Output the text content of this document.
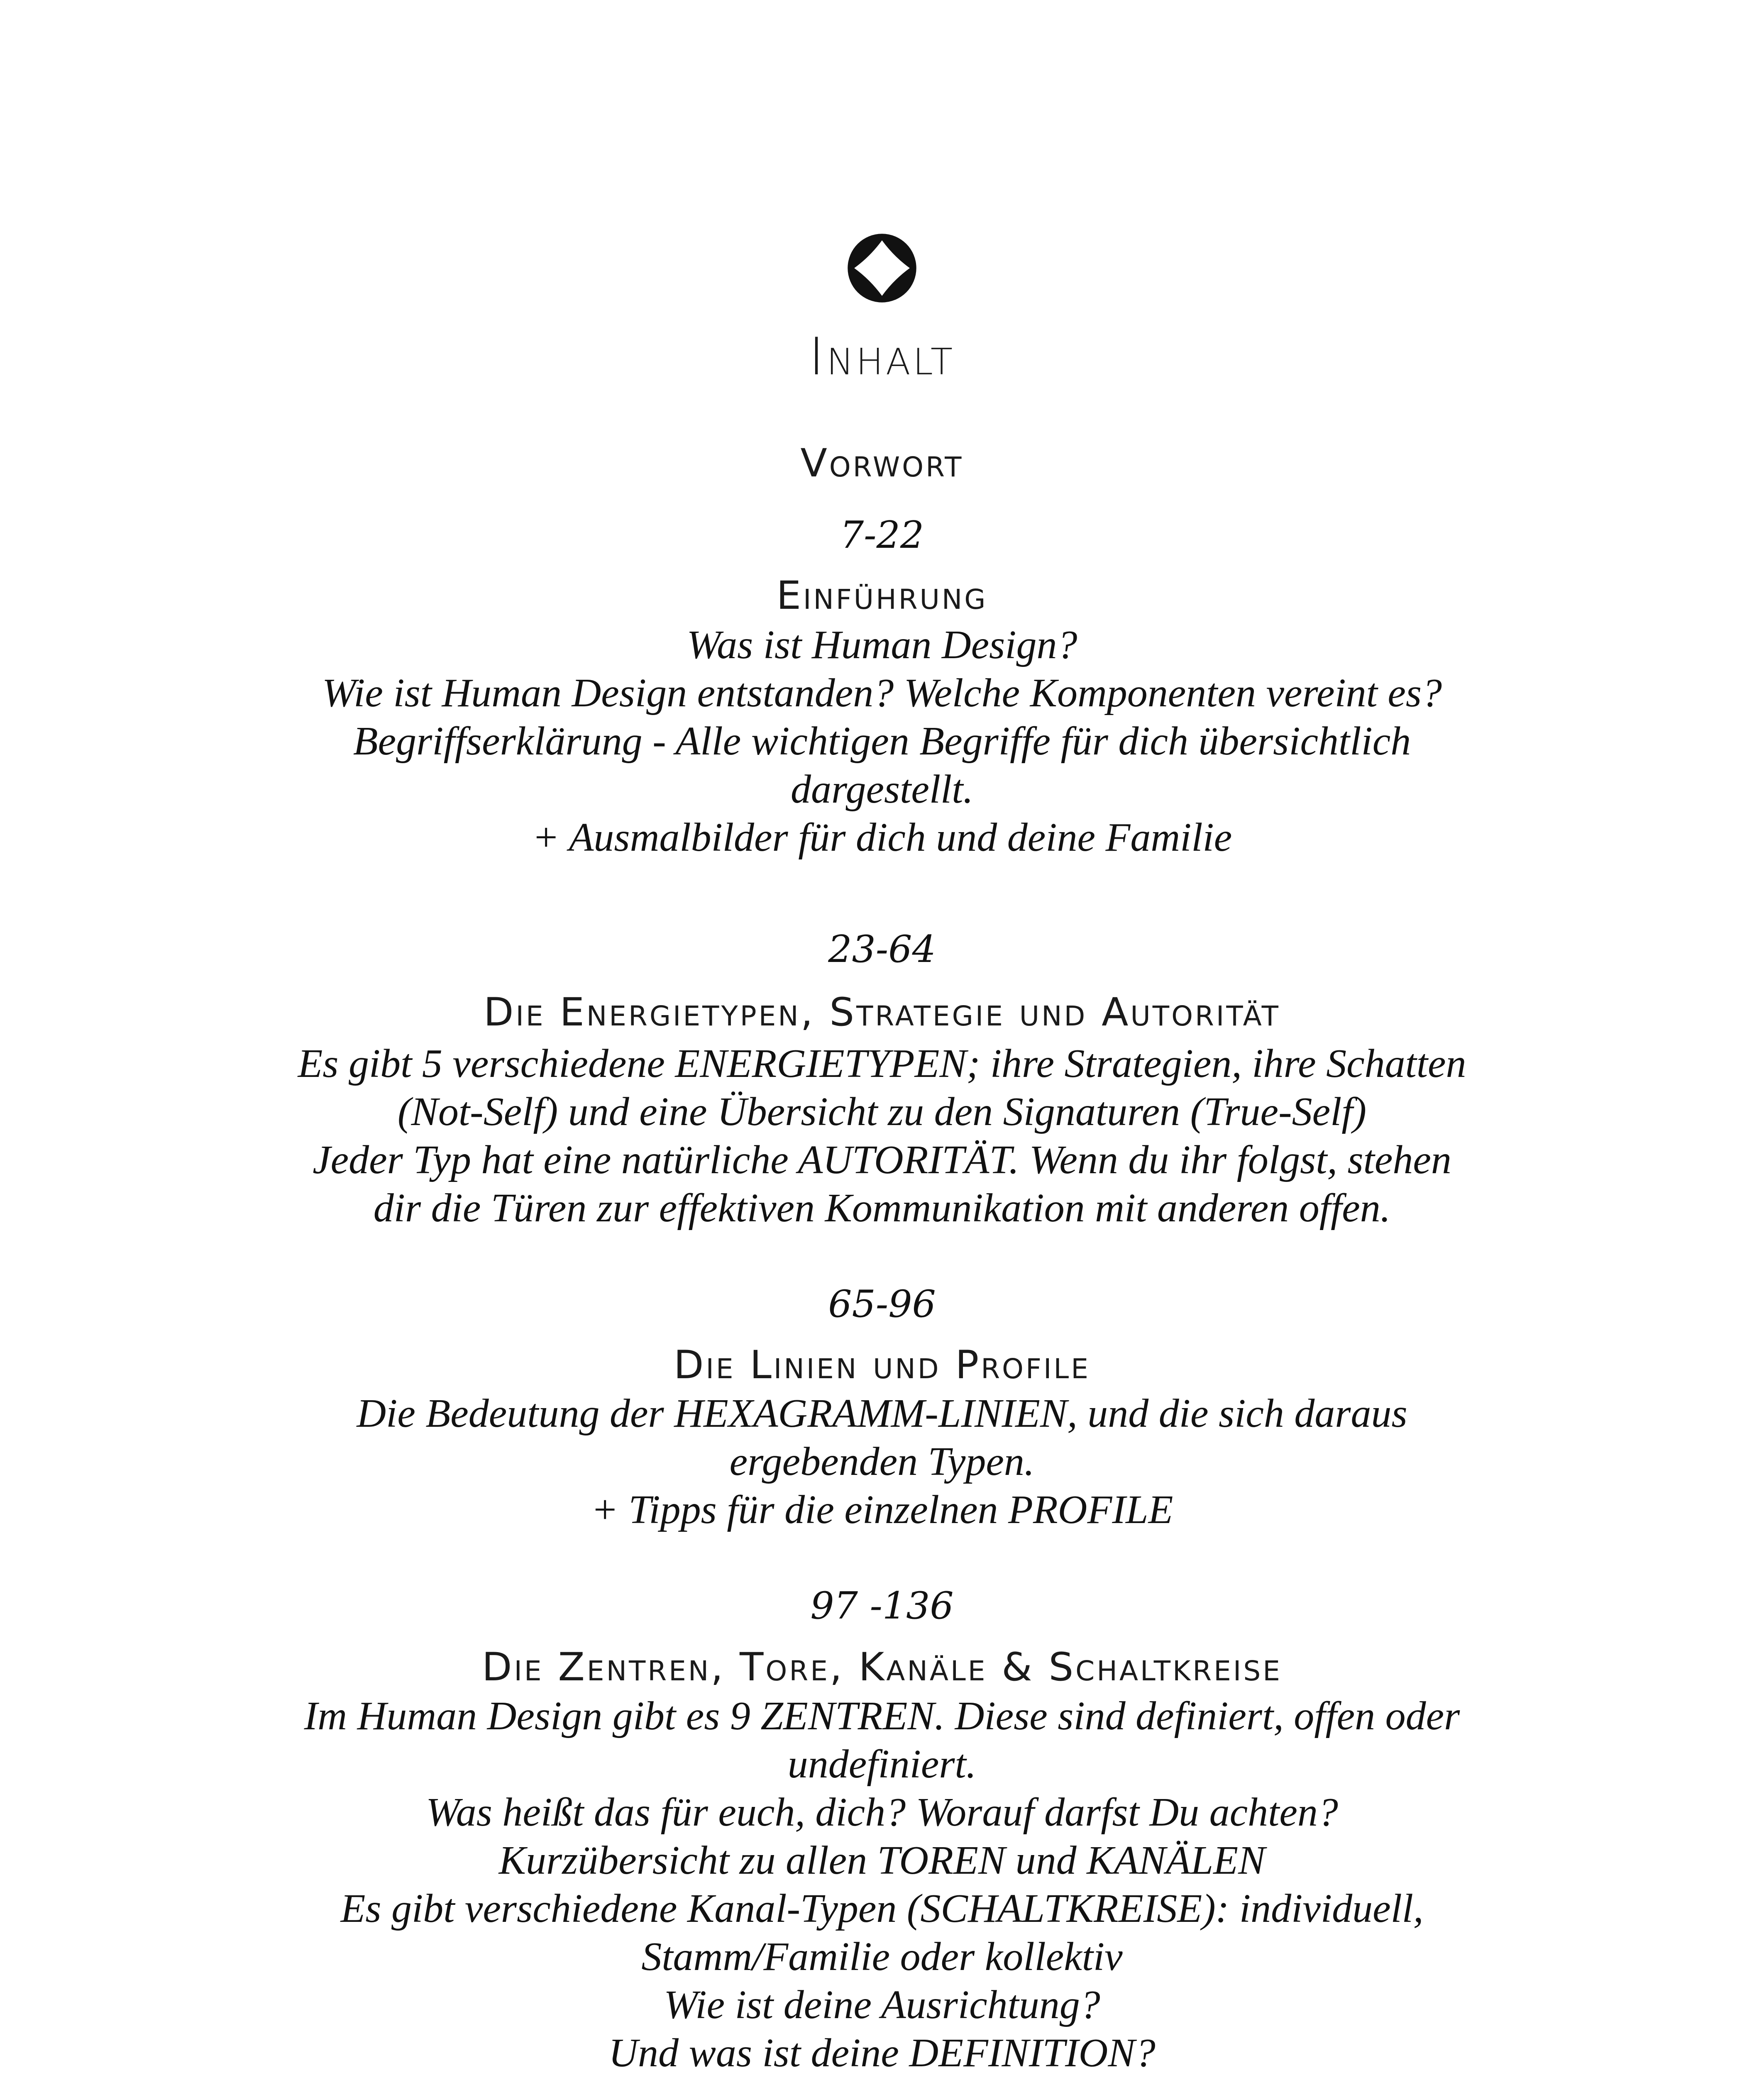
Inhalt
Vorwort
7-22
Einführung
Was ist Human Design?
Wie ist Human Design entstanden? Welche Komponenten vereint es?
Begriffserklärung - Alle wichtigen Begriffe für dich übersichtlich
dargestellt.
+ Ausmalbilder für dich und deine Familie
23-64
Die Energietypen, Strategie und Autorität
Es gibt 5 verschiedene ENERGIETYPEN; ihre Strategien, ihre Schatten
(Not-Self) und eine Übersicht zu den Signaturen (True-Self)
Jeder Typ hat eine natürliche AUTORITÄT. Wenn du ihr folgst, stehen
dir die Türen zur effektiven Kommunikation mit anderen offen.
65-96
Die Linien und Profile
Die Bedeutung der HEXAGRAMM-LINIEN, und die sich daraus
ergebenden Typen.
+ Tipps für die einzelnen PROFILE
97 -136
Die Zentren, Tore, Kanäle & Schaltkreise
Im Human Design gibt es 9 ZENTREN. Diese sind definiert, offen oder
undefiniert.
Was heißt das für euch, dich? Worauf darfst Du achten?
Kurzübersicht zu allen TOREN und KANÄLEN
Es gibt verschiedene Kanal-Typen (SCHALTKREISE): individuell,
Stamm/Familie oder kollektiv
Wie ist deine Ausrichtung?
Und was ist deine DEFINITION?
